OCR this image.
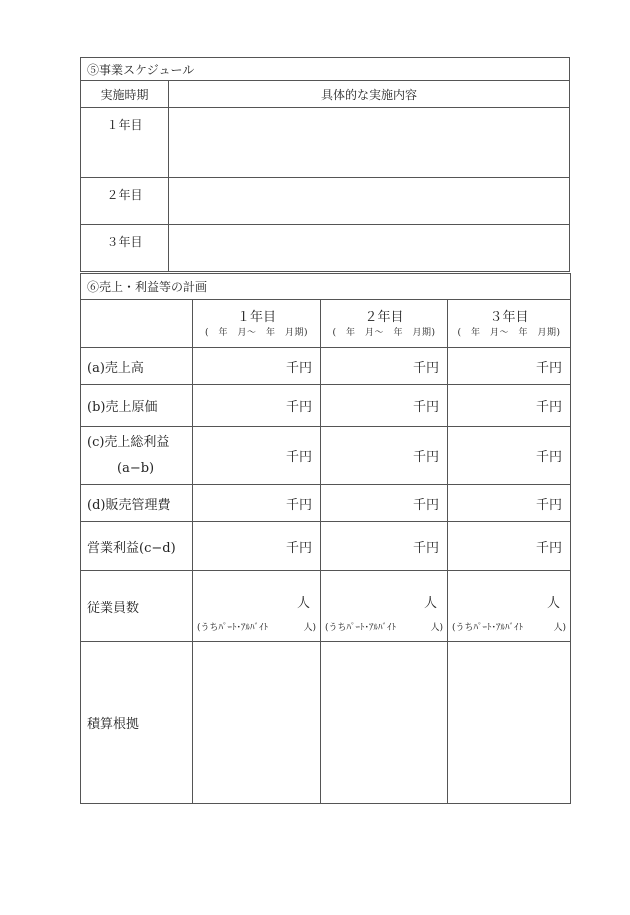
⑤事業スケジュール	
実施時期	具体的な実施内容
１年目	
２年目	
３年目	
⑥売上・利益等の計画			
	１年目	２年目	３年目
	(　年　月～　年　月期)	(　年　月～　年　月期)	(　年　月～　年　月期)
(a)売上高	千円	千円	千円
(b)売上原価	千円	千円	千円

(c)売上総利益
(a−b)	千円	千円	千円
(d)販売管理費	千円	千円	千円
営業利益(c−d)	千円	千円	千円
従業員数	人	人	人

	(うちﾊﾟｰﾄ･ｱﾙﾊﾞｲﾄ 人)	(うちﾊﾟｰﾄ･ｱﾙﾊﾞｲﾄ 人)	(うちﾊﾟｰﾄ･ｱﾙﾊﾞｲﾄ 人)

積算根拠			
